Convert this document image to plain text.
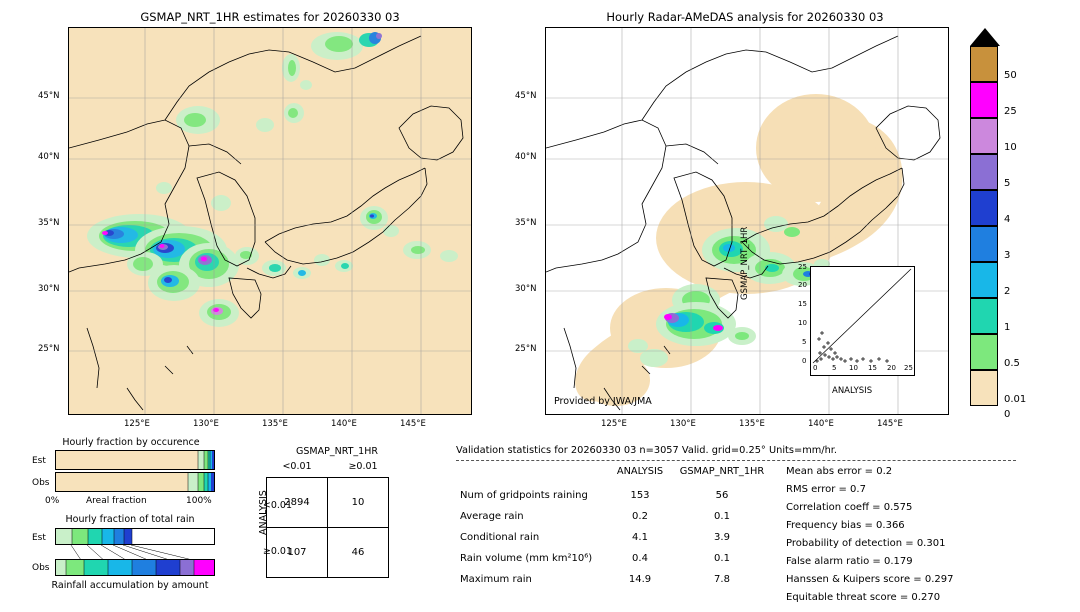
GSMAP_NRT_1HR estimates for 20260330 03
45°N
40°N
35°N
30°N
25°N
125°E	130°E	135°E	140°E	145°E
Hourly Radar-AMeDAS analysis for 20260330 03
Provided by JWA/JMA
45°N
40°N
35°N
30°N
25°N
125°E	130°E	135°E	140°E	145°E
0
5
10
15
20
25
0 5 10 15 20 25
ANALYSIS
GSMAP_NRT_1HR
50
25
10
5
4
3
2
1
0.5
0.01
0
Hourly fraction by occurence
Est
Obs
0%	Areal fraction	100%
Hourly fraction of total rain
Est
Obs
Rainfall accumulation by amount
GSMAP_NRT_1HR
<0.01	≥0.01
ANALYSIS
<0.01
≥0.01
2894	10
107	46
Validation statistics for 20260330 03 n=3057 Valid. grid=0.25° Units=mm/hr.
ANALYSIS	GSMAP_NRT_1HR
Num of gridpoints raining	153	56
Average rain	0.2	0.1
Conditional rain	4.1	3.9
Rain volume (mm km²10⁶)	0.4	0.1
Maximum rain	14.9	7.8
Mean abs error = 0.2
RMS error = 0.7
Correlation coeff = 0.575
Frequency bias = 0.366
Probability of detection = 0.301
False alarm ratio = 0.179
Hanssen & Kuipers score = 0.297
Equitable threat score = 0.270
